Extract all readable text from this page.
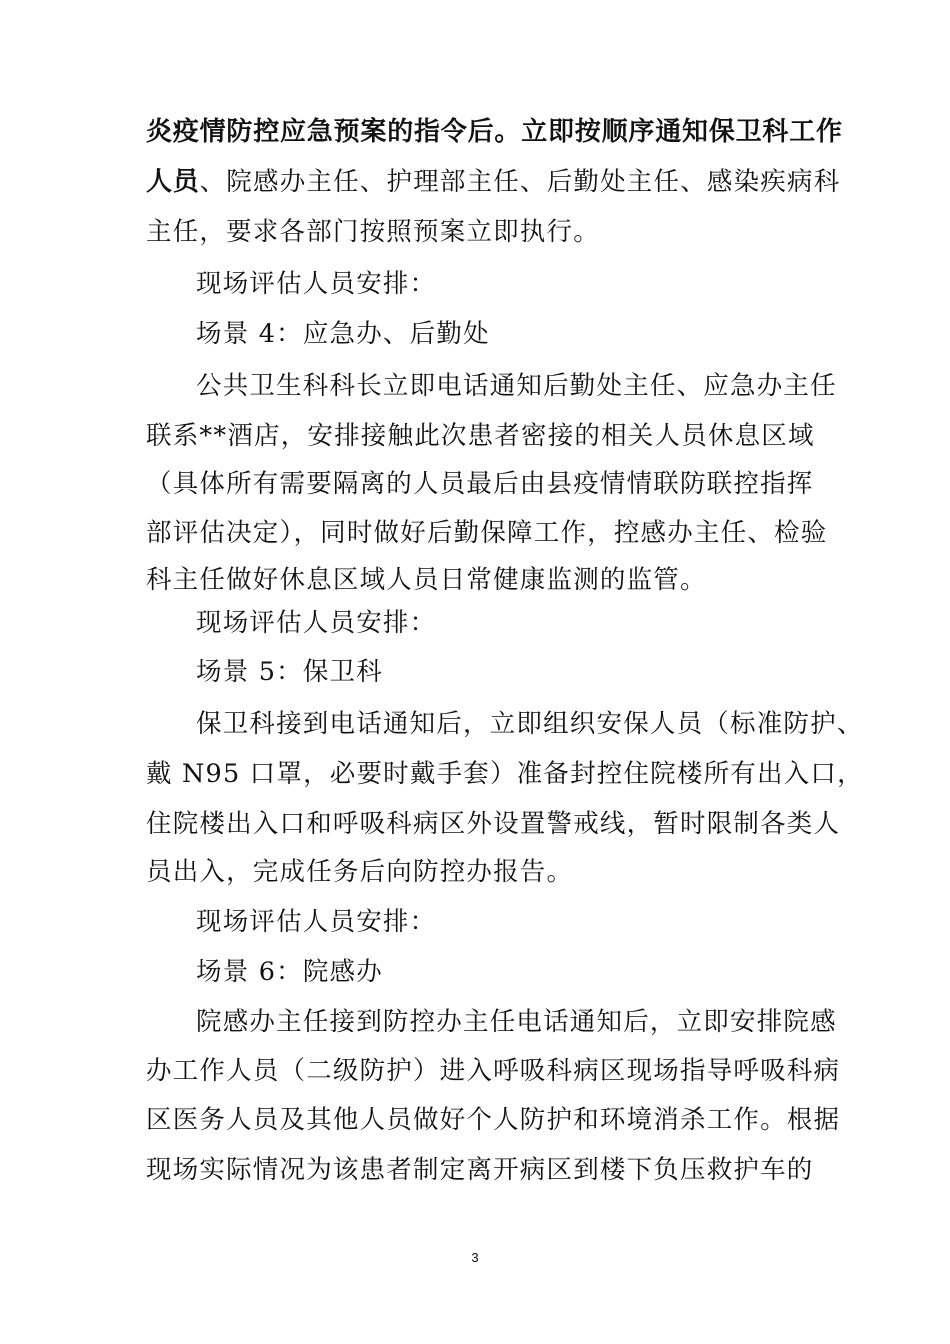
炎疫情防控应急预案的指令后。立即按顺序通知保卫科工作
人员、院感办主任、护理部主任、后勤处主任、感染疾病科
主任，要求各部门按照预案立即执行。
现场评估人员安排：
场景 4：应急办、后勤处
公共卫生科科长立即电话通知后勤处主任、应急办主任
联系**酒店，安排接触此次患者密接的相关人员休息区域
（具体所有需要隔离的人员最后由县疫情情联防联控指挥
部评估决定），同时做好后勤保障工作，控感办主任、检验
科主任做好休息区域人员日常健康监测的监管。
现场评估人员安排：
场景 5：保卫科
保卫科接到电话通知后，立即组织安保人员（标准防护、
戴 N95 口罩，必要时戴手套）准备封控住院楼所有出入口，
住院楼出入口和呼吸科病区外设置警戒线，暂时限制各类人
员出入，完成任务后向防控办报告。
现场评估人员安排：
场景 6：院感办
院感办主任接到防控办主任电话通知后，立即安排院感
办工作人员（二级防护）进入呼吸科病区现场指导呼吸科病
区医务人员及其他人员做好个人防护和环境消杀工作。根据
现场实际情况为该患者制定离开病区到楼下负压救护车的
3
